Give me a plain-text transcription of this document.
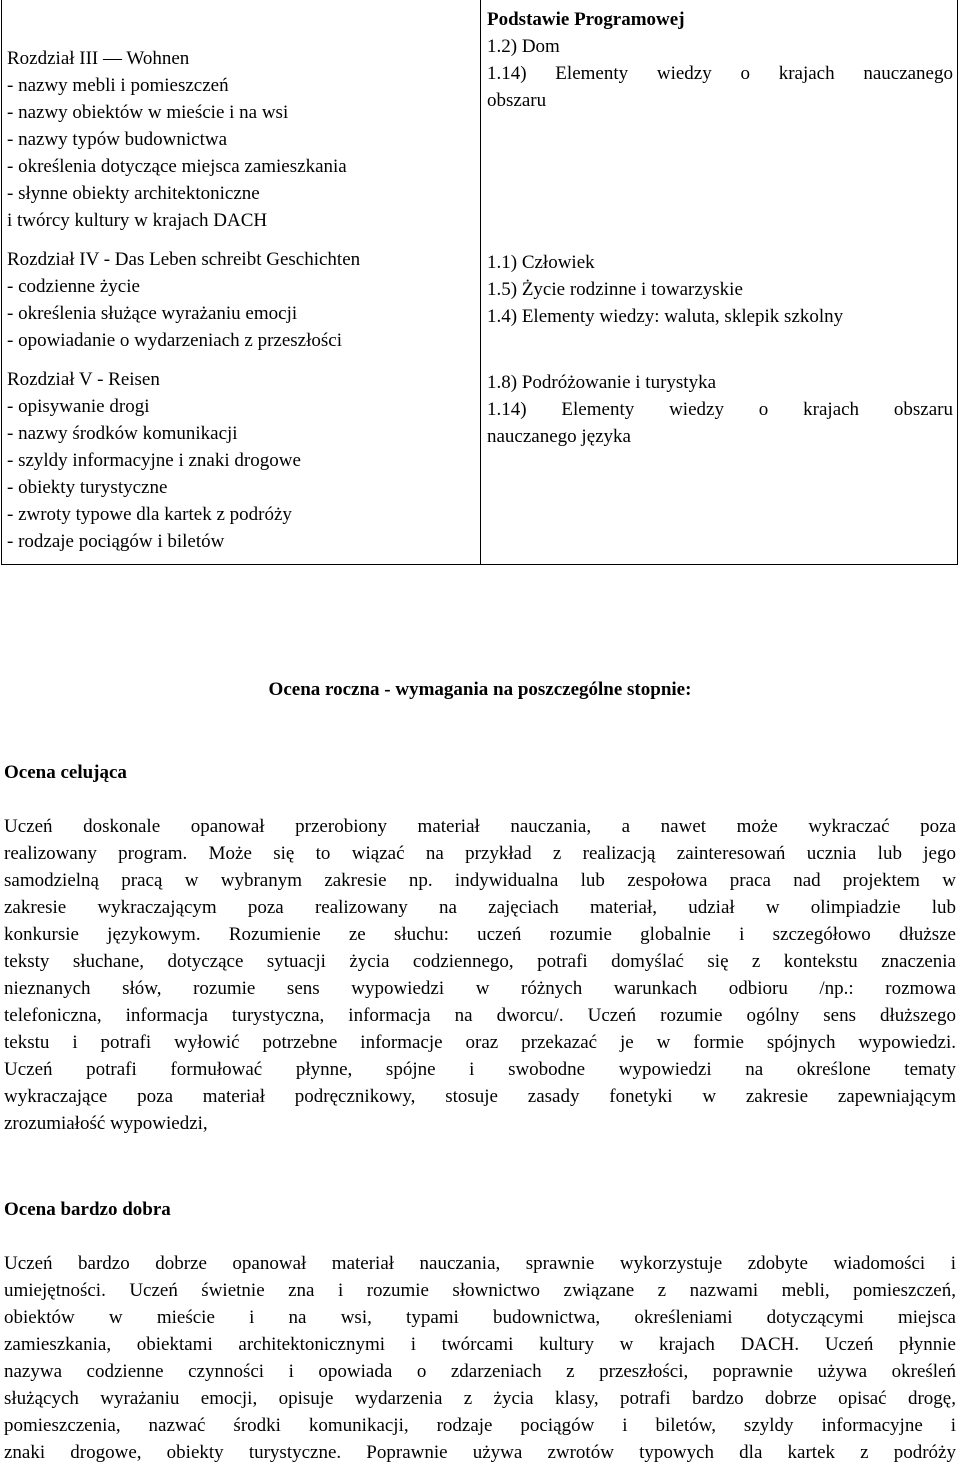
Rozdział III — Wohnen
- nazwy mebli i pomieszczeń
- nazwy obiektów w mieście i na wsi
- nazwy typów budownictwa
- określenia dotyczące miejsca zamieszkania
- słynne obiekty architektoniczne
i twórcy kultury w krajach DACH
Rozdział IV - Das Leben schreibt Geschichten
- codzienne życie
- określenia służące wyrażaniu emocji
- opowiadanie o wydarzeniach z przeszłości
Rozdział V - Reisen
- opisywanie drogi
- nazwy środków komunikacji
- szyldy informacyjne i znaki drogowe
- obiekty turystyczne
- zwroty typowe dla kartek z podróży
- rodzaje pociągów i biletów
Podstawie Programowej
1.2) Dom
1.14) Elementy wiedzy o krajach nauczanego
obszaru
1.1) Człowiek
1.5) Życie rodzinne i towarzyskie
1.4) Elementy wiedzy: waluta, sklepik szkolny
1.8) Podróżowanie i turystyka
1.14) Elementy wiedzy o krajach obszaru
nauczanego języka
Ocena roczna - wymagania na poszczególne stopnie:
Ocena celująca
Uczeń doskonale opanował przerobiony materiał nauczania, a nawet może wykraczać poza
realizowany program. Może się to wiązać na przykład z realizacją zainteresowań ucznia lub jego
samodzielną pracą w wybranym zakresie np. indywidualna lub zespołowa praca nad projektem w
zakresie wykraczającym poza realizowany na zajęciach materiał, udział w olimpiadzie lub
konkursie językowym. Rozumienie ze słuchu: uczeń rozumie globalnie i szczegółowo dłuższe
teksty słuchane, dotyczące sytuacji życia codziennego, potrafi domyślać się z kontekstu znaczenia
nieznanych słów, rozumie sens wypowiedzi w różnych warunkach odbioru /np.: rozmowa
telefoniczna, informacja turystyczna, informacja na dworcu/. Uczeń rozumie ogólny sens dłuższego
tekstu i potrafi wyłowić potrzebne informacje oraz przekazać je w formie spójnych wypowiedzi.
Uczeń potrafi formułować płynne, spójne i swobodne wypowiedzi na określone tematy
wykraczające poza materiał podręcznikowy, stosuje zasady fonetyki w zakresie zapewniającym
zrozumiałość wypowiedzi,
Ocena bardzo dobra
Uczeń bardzo dobrze opanował materiał nauczania, sprawnie wykorzystuje zdobyte wiadomości i
umiejętności. Uczeń świetnie zna i rozumie słownictwo związane z nazwami mebli, pomieszczeń,
obiektów w mieście i na wsi, typami budownictwa, określeniami dotyczącymi miejsca
zamieszkania, obiektami architektonicznymi i twórcami kultury w krajach DACH. Uczeń płynnie
nazywa codzienne czynności i opowiada o zdarzeniach z przeszłości, poprawnie używa określeń
służących wyrażaniu emocji, opisuje wydarzenia z życia klasy, potrafi bardzo dobrze opisać drogę,
pomieszczenia, nazwać środki komunikacji, rodzaje pociągów i biletów, szyldy informacyjne i
znaki drogowe, obiekty turystyczne. Poprawnie używa zwrotów typowych dla kartek z podróży
